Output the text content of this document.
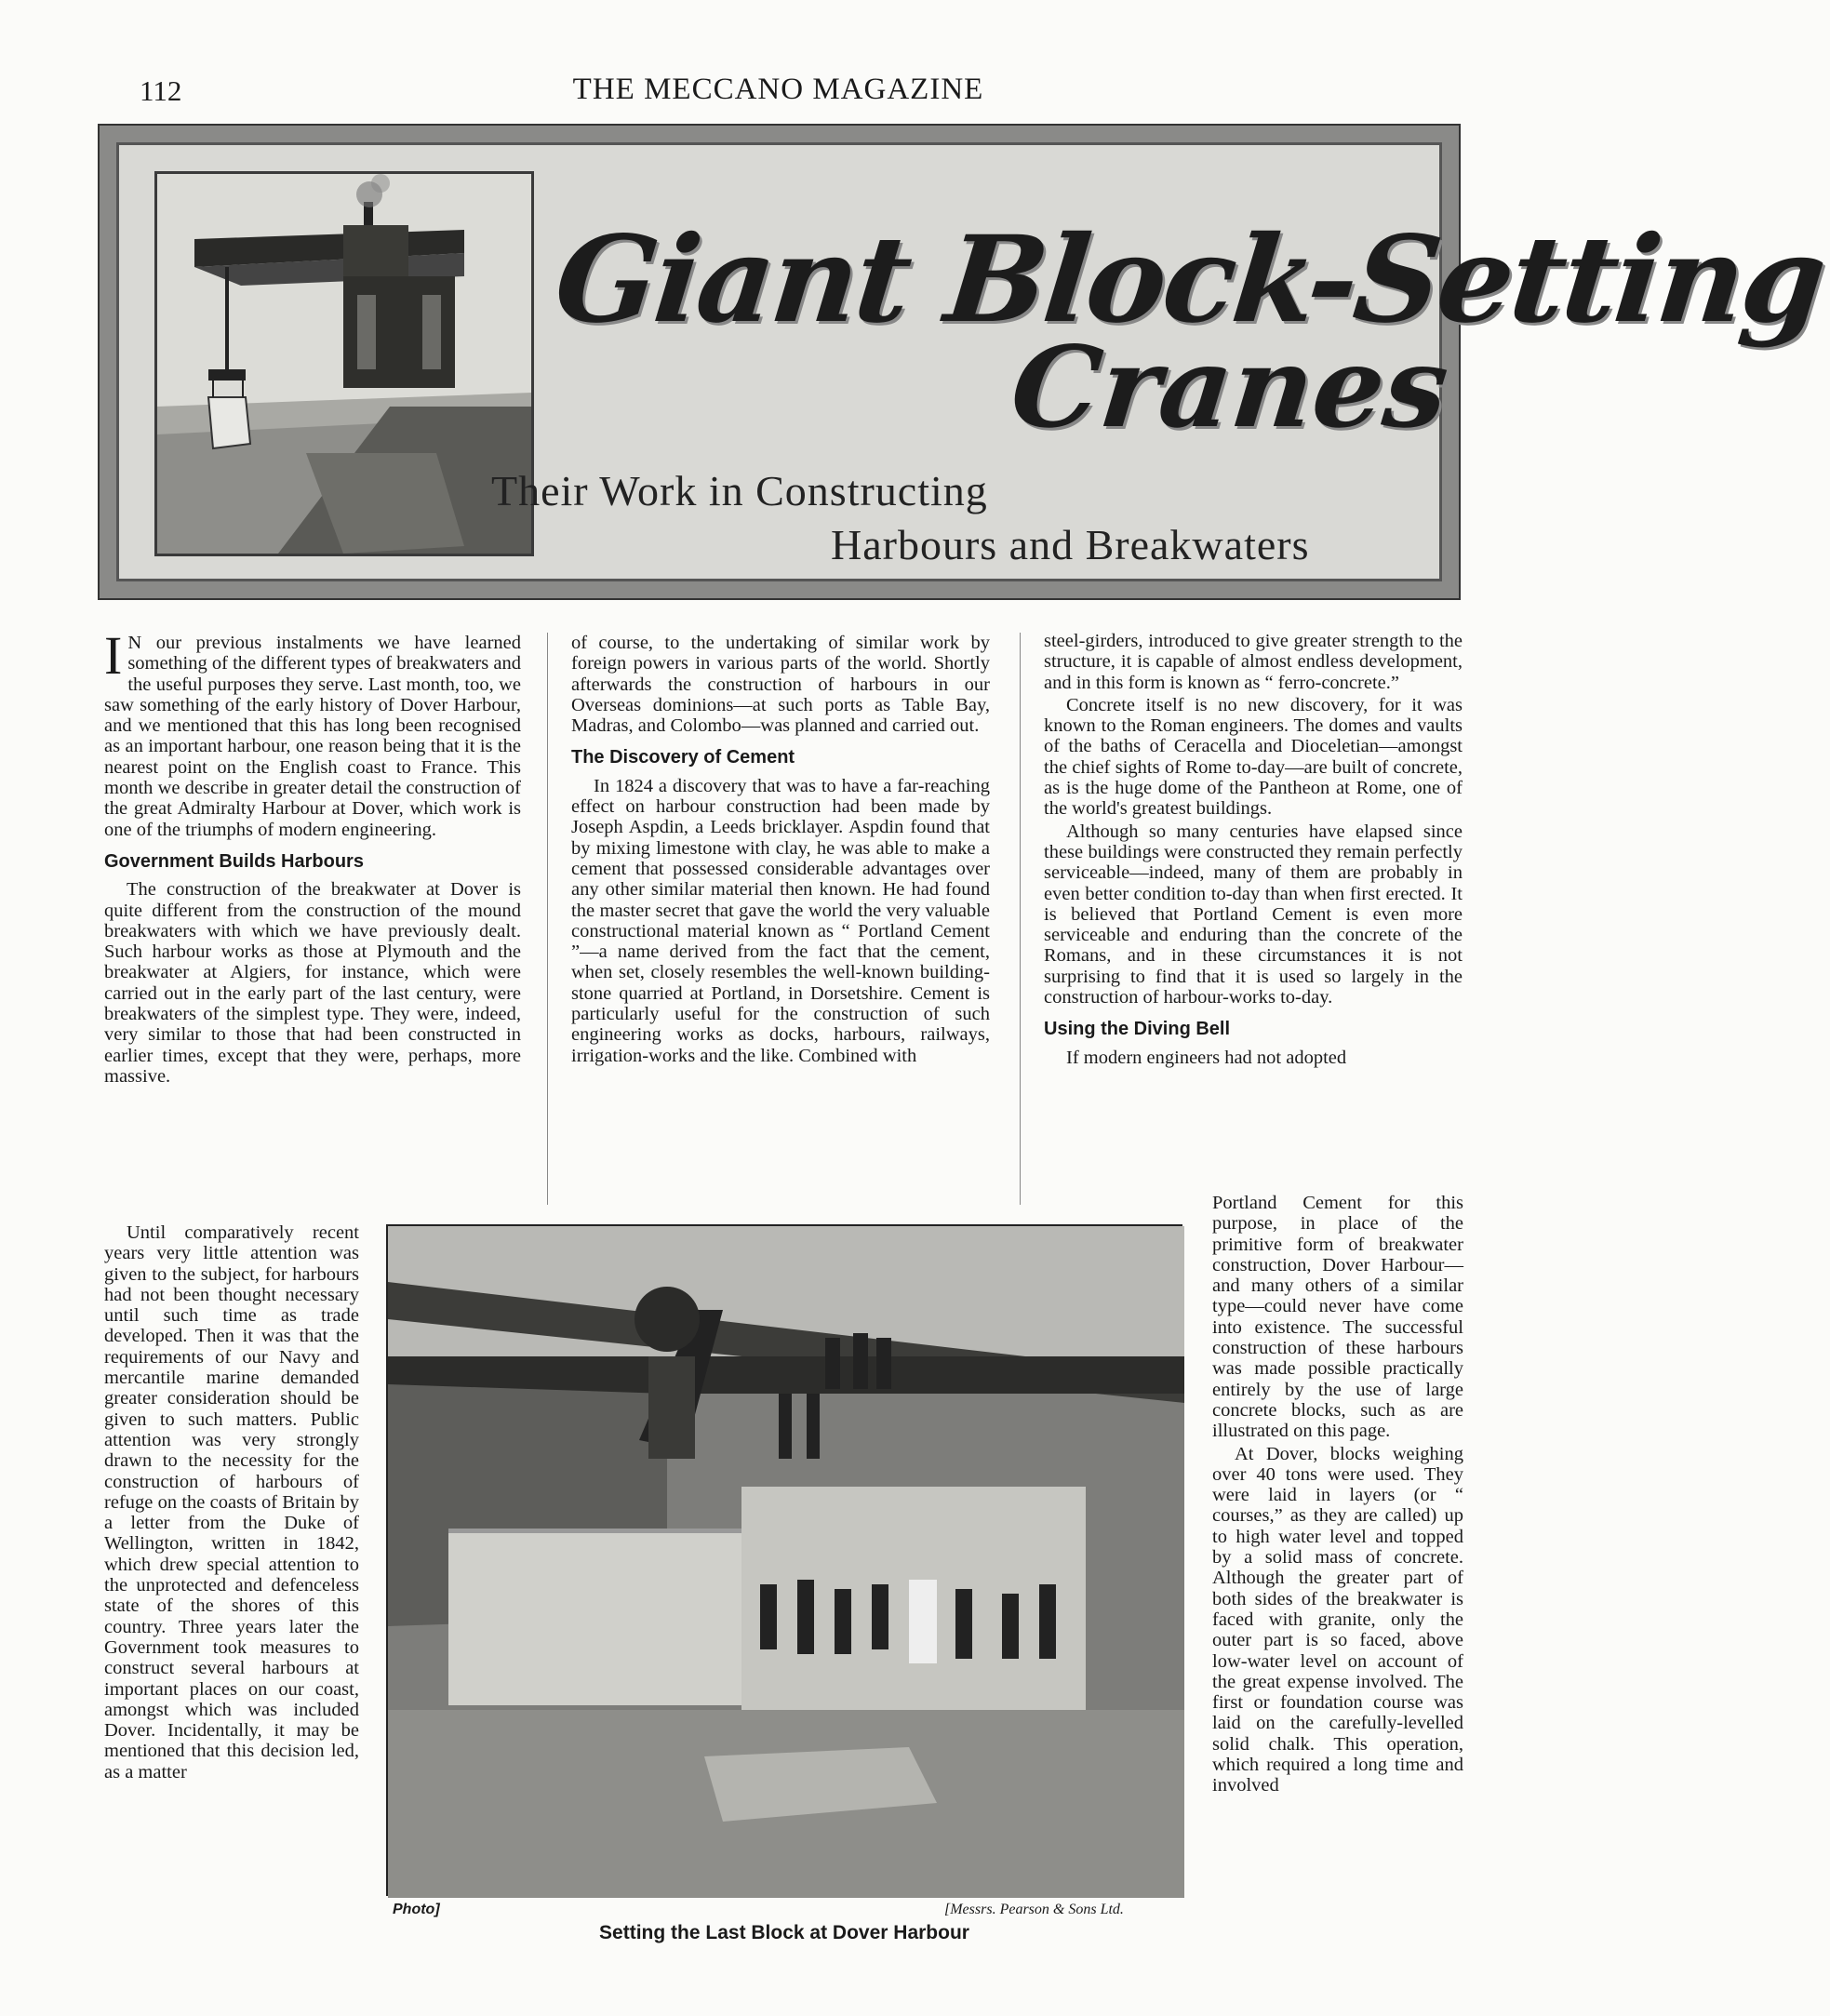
112	THE MECCANO MAGAZINE
Giant Block-Setting
Cranes
Their Work in Constructing
Harbours and Breakwaters

I N our previous instalments we have learned something of the different types of breakwaters and the useful purposes they serve. Last month, too, we saw something of the early history of Dover Harbour, and we mentioned that this has long been recognised as an important harbour, one reason being that it is the nearest point on the English coast to France. This month we describe in greater detail the construction of the great Admiralty Harbour at Dover, which work is one of the triumphs of modern engineering.

Government Builds Harbours

The construction of the breakwater at Dover is quite different from the construction of the mound breakwaters with which we have previously dealt. Such harbour works as those at Plymouth and the breakwater at Algiers, for instance, which were carried out in the early part of the last century, were breakwaters of the simplest type. They were, indeed, very similar to those that had been constructed in earlier times, except that they were, perhaps, more massive.

Until comparatively recent years very little attention was given to the subject, for harbours had not been thought necessary until such time as trade developed. Then it was that the requirements of our Navy and mercantile marine demanded greater consideration should be given to such matters. Public attention was very strongly drawn to the necessity for the construction of harbours of refuge on the coasts of Britain by a letter from the Duke of Wellington, written in 1842, which drew special attention to the unprotected and defenceless state of the shores of this country. Three years later the Government took measures to construct several harbours at important places on our coast, amongst which was included Dover. Incidentally, it may be mentioned that this decision led, as a matter

of course, to the undertaking of similar work by foreign powers in various parts of the world. Shortly afterwards the construction of harbours in our Overseas dominions—at such ports as Table Bay, Madras, and Colombo—was planned and carried out.

The Discovery of Cement

In 1824 a discovery that was to have a far-reaching effect on harbour construction had been made by Joseph Aspdin, a Leeds bricklayer. Aspdin found that by mixing limestone with clay, he was able to make a cement that possessed considerable advantages over any other similar material then known. He had found the master secret that gave the world the very valuable constructional material known as “ Portland Cement ”—a name derived from the fact that the cement, when set, closely resembles the well-known building-stone quarried at Portland, in Dorsetshire. Cement is particularly useful for the construction of such engineering works as docks, harbours, railways, irrigation-works and the like. Combined with

steel-girders, introduced to give greater strength to the structure, it is capable of almost endless development, and in this form is known as “ ferro-concrete.”

Concrete itself is no new discovery, for it was known to the Roman engineers. The domes and vaults of the baths of Ceracella and Dioceletian—amongst the chief sights of Rome to-day—are built of concrete, as is the huge dome of the Pantheon at Rome, one of the world's greatest buildings.

Although so many centuries have elapsed since these buildings were constructed they remain perfectly serviceable—indeed, many of them are probably in even better condition to-day than when first erected. It is believed that Portland Cement is even more serviceable and enduring than the concrete of the Romans, and in these circumstances it is not surprising to find that it is used so largely in the construction of harbour-works to-day.

Using the Diving Bell

If modern engineers had not adopted

Portland Cement for this purpose, in place of the primitive form of breakwater construction, Dover Harbour—and many others of a similar type—could never have come into existence. The successful construction of these harbours was made possible practically entirely by the use of large concrete blocks, such as are illustrated on this page.

At Dover, blocks weighing over 40 tons were used. They were laid in layers (or “ courses,” as they are called) up to high water level and topped by a solid mass of concrete. Although the greater part of both sides of the breakwater is faced with granite, only the outer part is so faced, above low-water level on account of the great expense involved. The first or foundation course was laid on the carefully-levelled solid chalk. This operation, which required a long time and involved

Photo]	[Messrs. Pearson & Sons Ltd.
Setting the Last Block at Dover Harbour
